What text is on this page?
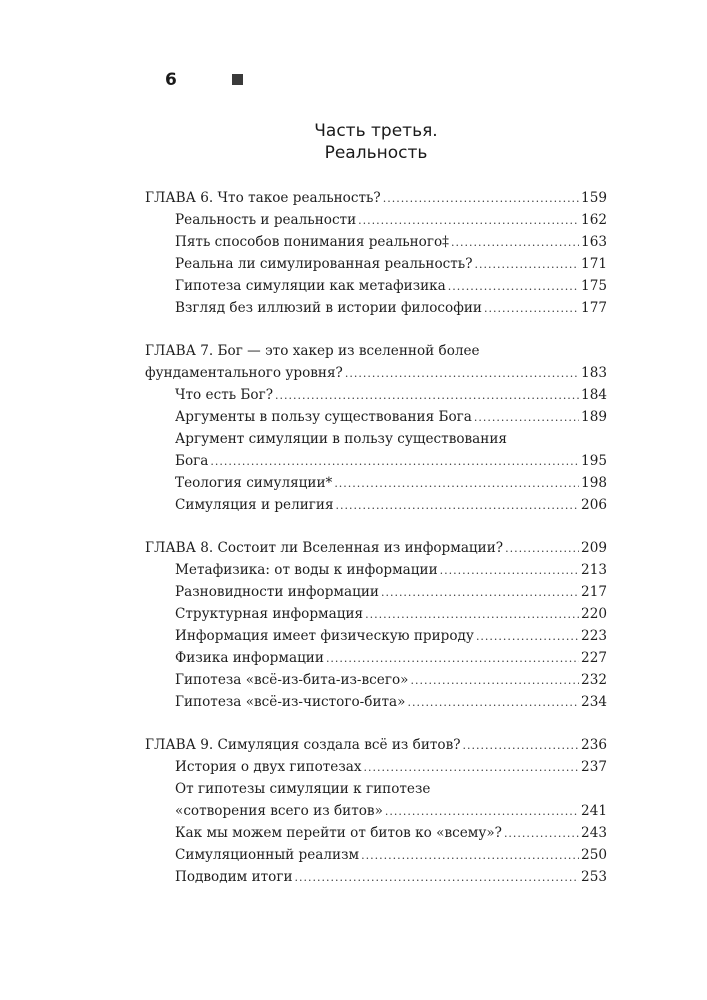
6
Часть третья.
Реальность
ГЛАВА 6. Что такое реальность? .....	159
Реальность и реальности .....	162
Пять способов понимания реального‡ .....	163
Реальна ли симулированная реальность? .....	171
Гипотеза симуляции как метафизика .....	175
Взгляд без иллюзий в истории философии .....	177
ГЛАВА 7. Бог — это хакер из вселенной более
фундаментального уровня? .....	183
Что есть Бог? .....	184
Аргументы в пользу существования Бога .....	189
Аргумент симуляции в пользу существования
Бога .....	195
Теология симуляции* .....	198
Симуляция и религия .....	206
ГЛАВА 8. Состоит ли Вселенная из информации? .....	209
Метафизика: от воды к информации .....	213
Разновидности информации .....	217
Структурная информация .....	220
Информация имеет физическую природу .....	223
Физика информации .....	227
Гипотеза «всё-из-бита-из-всего» .....	232
Гипотеза «всё-из-чистого-бита» .....	234
ГЛАВА 9. Симуляция создала всё из битов? .....	236
История о двух гипотезах .....	237
От гипотезы симуляции к гипотезе
«сотворения всего из битов» .....	241
Как мы можем перейти от битов ко «всему»? .....	243
Симуляционный реализм .....	250
Подводим итоги .....	253
